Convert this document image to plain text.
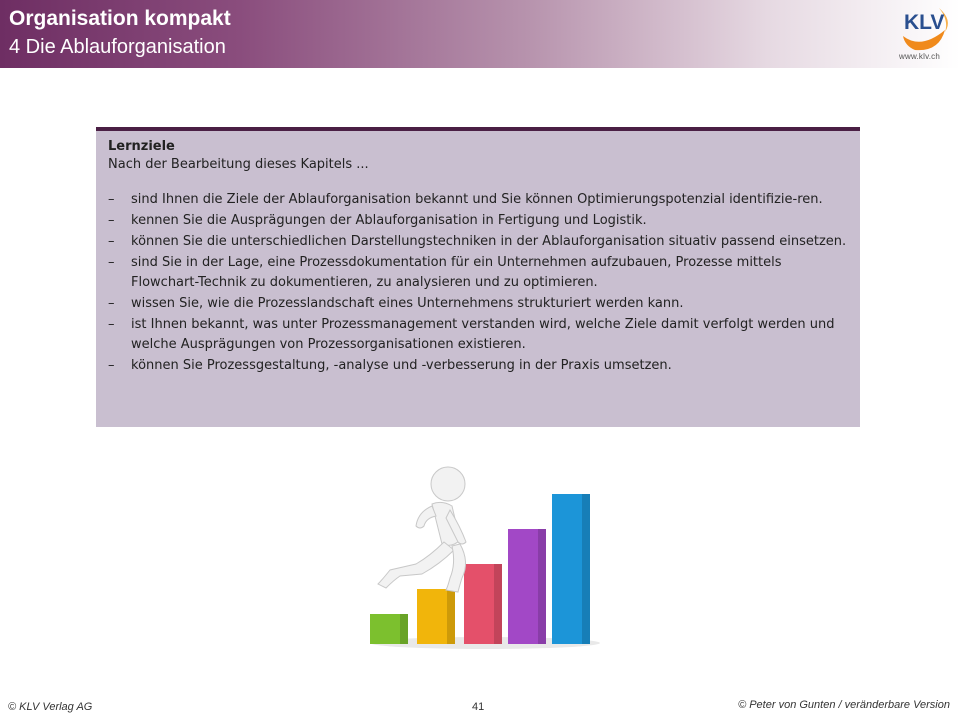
Organisation kompakt
4 Die Ablauforganisation
KLV
www.klv.ch
Lernziele
Nach der Bearbeitung dieses Kapitels ...
– sind Ihnen die Ziele der Ablauforganisation bekannt und Sie können Optimierungspotenzial identifizie-ren.
– kennen Sie die Ausprägungen der Ablauforganisation in Fertigung und Logistik.
– können Sie die unterschiedlichen Darstellungstechniken in der Ablauforganisation situativ passend einsetzen.
– sind Sie in der Lage, eine Prozessdokumentation für ein Unternehmen aufzubauen, Prozesse mittels Flowchart-Technik zu dokumentieren, zu analysieren und zu optimieren.
– wissen Sie, wie die Prozesslandschaft eines Unternehmens strukturiert werden kann.
– ist Ihnen bekannt, was unter Prozessmanagement verstanden wird, welche Ziele damit verfolgt werden und welche Ausprägungen von Prozessorganisationen existieren.
– können Sie Prozessgestaltung, -analyse und -verbesserung in der Praxis umsetzen.
© KLV Verlag AG	41	© Peter von Gunten / veränderbare Version
